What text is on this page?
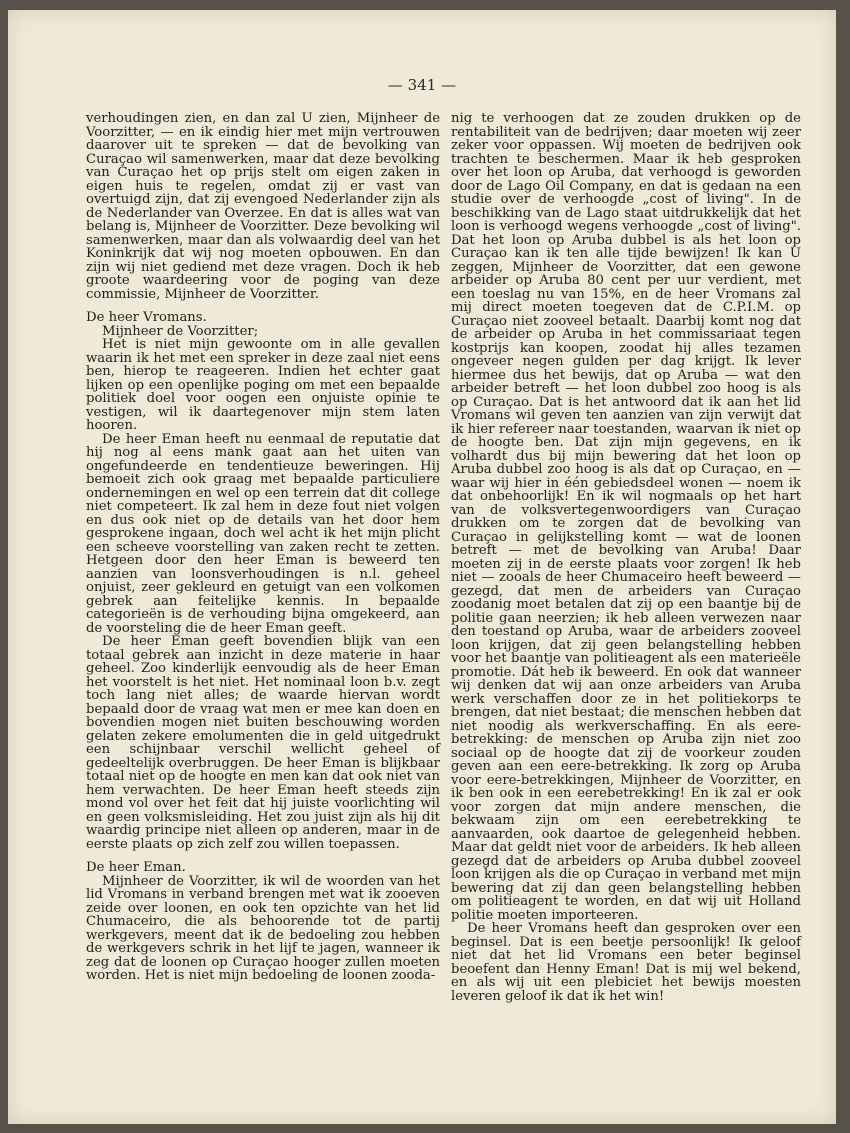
— 341 —

verhoudingen zien, en dan zal U zien, Mijnheer de Voorzitter, — en ik eindig hier met mijn vertrouwen daarover uit te spreken — dat de bevolking van Curaçao wil samenwerken, maar dat deze bevolking van Curaçao het op prijs stelt om eigen zaken in eigen huis te regelen, omdat zij er vast van overtuigd zijn, dat zij evengoed Nederlander zijn als de Nederlander van Overzee. En dat is alles wat van belang is, Mijnheer de Voorzitter. Deze bevolking wil samenwerken, maar dan als volwaardig deel van het Koninkrijk dat wij nog moeten opbouwen. En dan zijn wij niet gediend met deze vragen. Doch ik heb groote waardeering voor de poging van deze commissie, Mijnheer de Voorzitter.

De heer Vromans.

Mijnheer de Voorzitter;

Het is niet mijn gewoonte om in alle gevallen waarin ik het met een spreker in deze zaal niet eens ben, hierop te reageeren. Indien het echter gaat lijken op een openlijke poging om met een bepaalde politiek doel voor oogen een onjuiste opinie te vestigen, wil ik daartegenover mijn stem laten hooren.

De heer Eman heeft nu eenmaal de reputatie dat hij nog al eens mank gaat aan het uiten van ongefundeerde en tendentieuze beweringen. Hij bemoeit zich ook graag met bepaalde particuliere ondernemingen en wel op een terrein dat dit college niet competeert. Ik zal hem in deze fout niet volgen en dus ook niet op de details van het door hem gesprokene ingaan, doch wel acht ik het mijn plicht een scheeve voorstelling van zaken recht te zetten. Hetgeen door den heer Eman is beweerd ten aanzien van loonsverhoudingen is n.l. geheel onjuist, zeer gekleurd en getuigt van een volkomen gebrek aan feitelijke kennis. In bepaalde categorieën is de verhouding bijna omgekeerd, aan de voorsteling die de heer Eman geeft.

De heer Eman geeft bovendien blijk van een totaal gebrek aan inzicht in deze materie in haar geheel. Zoo kinderlijk eenvoudig als de heer Eman het voorstelt is het niet. Het nominaal loon b.v. zegt toch lang niet alles; de waarde hiervan wordt bepaald door de vraag wat men er mee kan doen en bovendien mogen niet buiten beschouwing worden gelaten zekere emolumenten die in geld uitgedrukt een schijnbaar verschil wellicht geheel of gedeeltelijk overbruggen. De heer Eman is blijkbaar totaal niet op de hoogte en men kan dat ook niet van hem verwachten. De heer Eman heeft steeds zijn mond vol over het feit dat hij juiste voorlichting wil en geen volksmisleiding. Het zou juist zijn als hij dit waardig principe niet alleen op anderen, maar in de eerste plaats op zich zelf zou willen toepassen.

De heer Eman.

Mijnheer de Voorzitter, ik wil de woorden van het lid Vromans in verband brengen met wat ik zooeven zeide over loonen, en ook ten opzichte van het lid Chumaceiro, die als behoorende tot de partij werkgevers, meent dat ik de bedoeling zou hebben de werkgevers schrik in het lijf te jagen, wanneer ik zeg dat de loonen op Curaçao hooger zullen moeten worden. Het is niet mijn bedoeling de loonen zooda-

nig te verhoogen dat ze zouden drukken op de rentabiliteit van de bedrijven; daar moeten wij zeer zeker voor oppassen. Wij moeten de bedrijven ook trachten te beschermen. Maar ik heb gesproken over het loon op Aruba, dat verhoogd is geworden door de Lago Oil Company, en dat is gedaan na een studie over de verhoogde „cost of living". In de beschikking van de Lago staat uitdrukkelijk dat het loon is verhoogd wegens verhoogde „cost of living". Dat het loon op Aruba dubbel is als het loon op Curaçao kan ik ten alle tijde bewijzen! Ik kan U zeggen, Mijnheer de Voorzitter, dat een gewone arbeider op Aruba 80 cent per uur verdient, met een toeslag nu van 15%, en de heer Vromans zal mij direct moeten toegeven dat de C.P.I.M. op Curaçao niet zooveel betaalt. Daarbij komt nog dat de arbeider op Aruba in het commissariaat tegen kostprijs kan koopen, zoodat hij alles tezamen ongeveer negen gulden per dag krijgt. Ik lever hiermee dus het bewijs, dat op Aruba — wat den arbeider betreft — het loon dubbel zoo hoog is als op Curaçao. Dat is het antwoord dat ik aan het lid Vromans wil geven ten aanzien van zijn verwijt dat ik hier refereer naar toestanden, waarvan ik niet op de hoogte ben. Dat zijn mijn gegevens, en ik volhardt dus bij mijn bewering dat het loon op Aruba dubbel zoo hoog is als dat op Curaçao, en — waar wij hier in één gebiedsdeel wonen — noem ik dat onbehoorlijk! En ik wil nogmaals op het hart van de volksvertegenwoordigers van Curaçao drukken om te zorgen dat de bevolking van Curaçao in gelijkstelling komt — wat de loonen betreft — met de bevolking van Aruba! Daar moeten zij in de eerste plaats voor zorgen! Ik heb niet — zooals de heer Chumaceiro heeft beweerd — gezegd, dat men de arbeiders van Curaçao zoodanig moet betalen dat zij op een baantje bij de politie gaan neerzien; ik heb alleen verwezen naar den toestand op Aruba, waar de arbeiders zooveel loon krijgen, dat zij geen belangstelling hebben voor het baantje van politieagent als een materieële promotie. Dát heb ik beweerd. En ook dat wanneer wij denken dat wij aan onze arbeiders van Aruba werk verschaffen door ze in het politiekorps te brengen, dat niet bestaat; die menschen hebben dat niet noodig als werkverschaffing. En als eere-betrekking: de menschen op Aruba zijn niet zoo sociaal op de hoogte dat zij de voorkeur zouden geven aan een eere-betrekking. Ik zorg op Aruba voor eere-betrekkingen, Mijnheer de Voorzitter, en ik ben ook in een eerebetrekking! En ik zal er ook voor zorgen dat mijn andere menschen, die bekwaam zijn om een eerebetrekking te aanvaarden, ook daartoe de gelegenheid hebben. Maar dat geldt niet voor de arbeiders. Ik heb alleen gezegd dat de arbeiders op Aruba dubbel zooveel loon krijgen als die op Curaçao in verband met mijn bewering dat zij dan geen belangstelling hebben om politieagent te worden, en dat wij uit Holland politie moeten importeeren.

De heer Vromans heeft dan gesproken over een beginsel. Dat is een beetje persoonlijk! Ik geloof niet dat het lid Vromans een beter beginsel beoefent dan Henny Eman! Dat is mij wel bekend, en als wij uit een plebiciet het bewijs moesten leveren geloof ik dat ik het win!
